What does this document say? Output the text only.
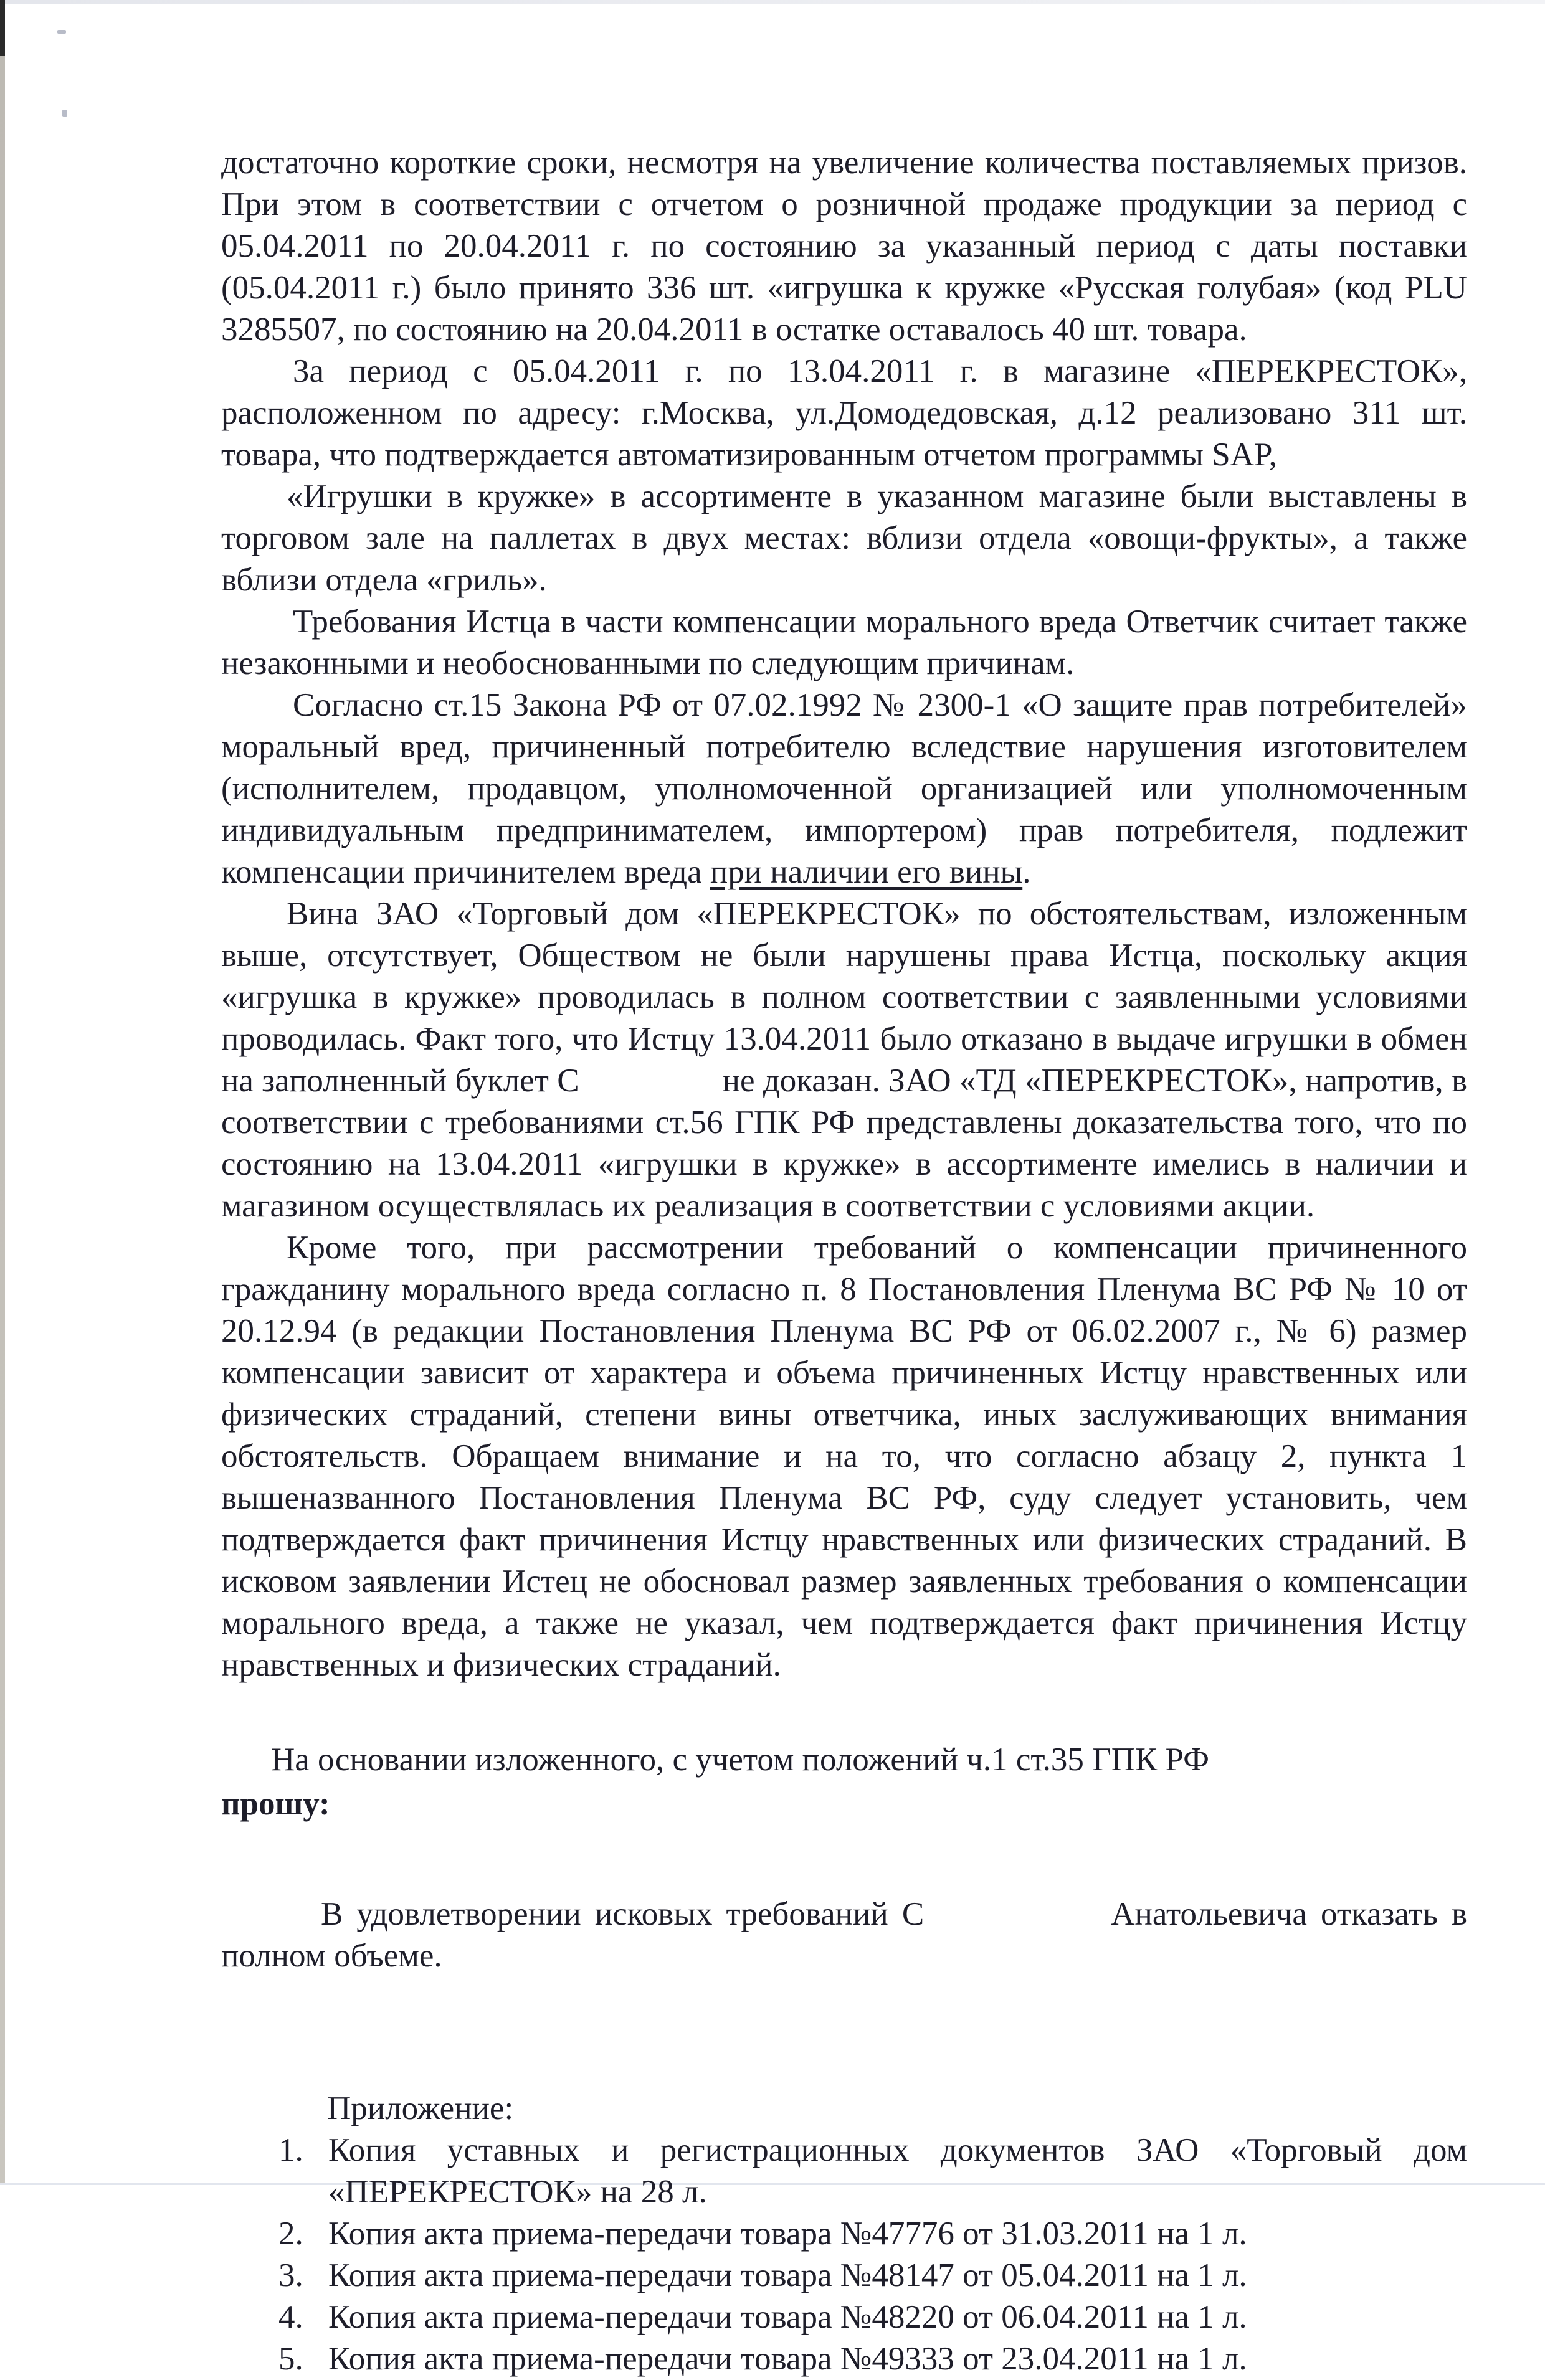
достаточно короткие сроки, несмотря на увеличение количества поставляемых призов. При этом в соответствии с отчетом о розничной продаже продукции за период с 05.04.2011 по 20.04.2011 г. по состоянию за указанный период с даты поставки (05.04.2011 г.) было принято 336 шт. «игрушка к кружке «Русская голубая» (код PLU 3285507, по состоянию на 20.04.2011 в остатке оставалось 40 шт. товара.

За период с 05.04.2011 г. по 13.04.2011 г. в магазине «ПЕРЕКРЕСТОК», расположенном по адресу: г.Москва, ул.Домодедовская, д.12 реализовано 311 шт. товара, что подтверждается автоматизированным отчетом программы SAP,

«Игрушки в кружке» в ассортименте в указанном магазине были выставлены в торговом зале на паллетах в двух местах: вблизи отдела «овощи-фрукты», а также вблизи отдела «гриль».

Требования Истца в части компенсации морального вреда Ответчик считает также незаконными и необоснованными по следующим причинам.

Согласно ст.15 Закона РФ от 07.02.1992 № 2300-1 «О защите прав потребителей» моральный вред, причиненный потребителю вследствие нарушения изготовителем (исполнителем, продавцом, уполномоченной организацией или уполномоченным индивидуальным предпринимателем, импортером) прав потребителя, подлежит компенсации причинителем вреда при наличии его вины.

Вина ЗАО «Торговый дом «ПЕРЕКРЕСТОК» по обстоятельствам, изложенным выше, отсутствует, Обществом не были нарушены права Истца, поскольку акция «игрушка в кружке» проводилась в полном соответствии с заявленными условиями проводилась. Факт того, что Истцу 13.04.2011 было отказано в выдаче игрушки в обмен на заполненный буклет С	не доказан. ЗАО «ТД «ПЕРЕКРЕСТОК», напротив, в соответствии с требованиями ст.56 ГПК РФ представлены доказательства того, что по состоянию на 13.04.2011 «игрушки в кружке» в ассортименте имелись в наличии и магазином осуществлялась их реализация в соответствии с условиями акции.

Кроме того, при рассмотрении требований о компенсации причиненного гражданину морального вреда согласно п. 8 Постановления Пленума ВС РФ № 10 от 20.12.94 (в редакции Постановления Пленума ВС РФ от 06.02.2007 г., № 6) размер компенсации зависит от характера и объема причиненных Истцу нравственных или физических страданий, степени вины ответчика, иных заслуживающих внимания обстоятельств. Обращаем внимание и на то, что согласно абзацу 2, пункта 1 вышеназванного Постановления Пленума ВС РФ, суду следует установить, чем подтверждается факт причинения Истцу нравственных или физических страданий. В исковом заявлении Истец не обосновал размер заявленных требования о компенсации морального вреда, а также не указал, чем подтверждается факт причинения Истцу нравственных и физических страданий.

На основании изложенного, с учетом положений ч.1 ст.35 ГПК РФ

прошу:

В удовлетворении исковых требований С	Анатольевича отказать в полном объеме.

Приложение:

1. Копия уставных и регистрационных документов ЗАО «Торговый дом «ПЕРЕКРЕСТОК» на 28 л.
2. Копия акта приема-передачи товара №47776 от 31.03.2011 на 1 л.
3. Копия акта приема-передачи товара №48147 от 05.04.2011 на 1 л.
4. Копия акта приема-передачи товара №48220 от 06.04.2011 на 1 л.
5. Копия акта приема-передачи товара №49333 от 23.04.2011 на 1 л.
